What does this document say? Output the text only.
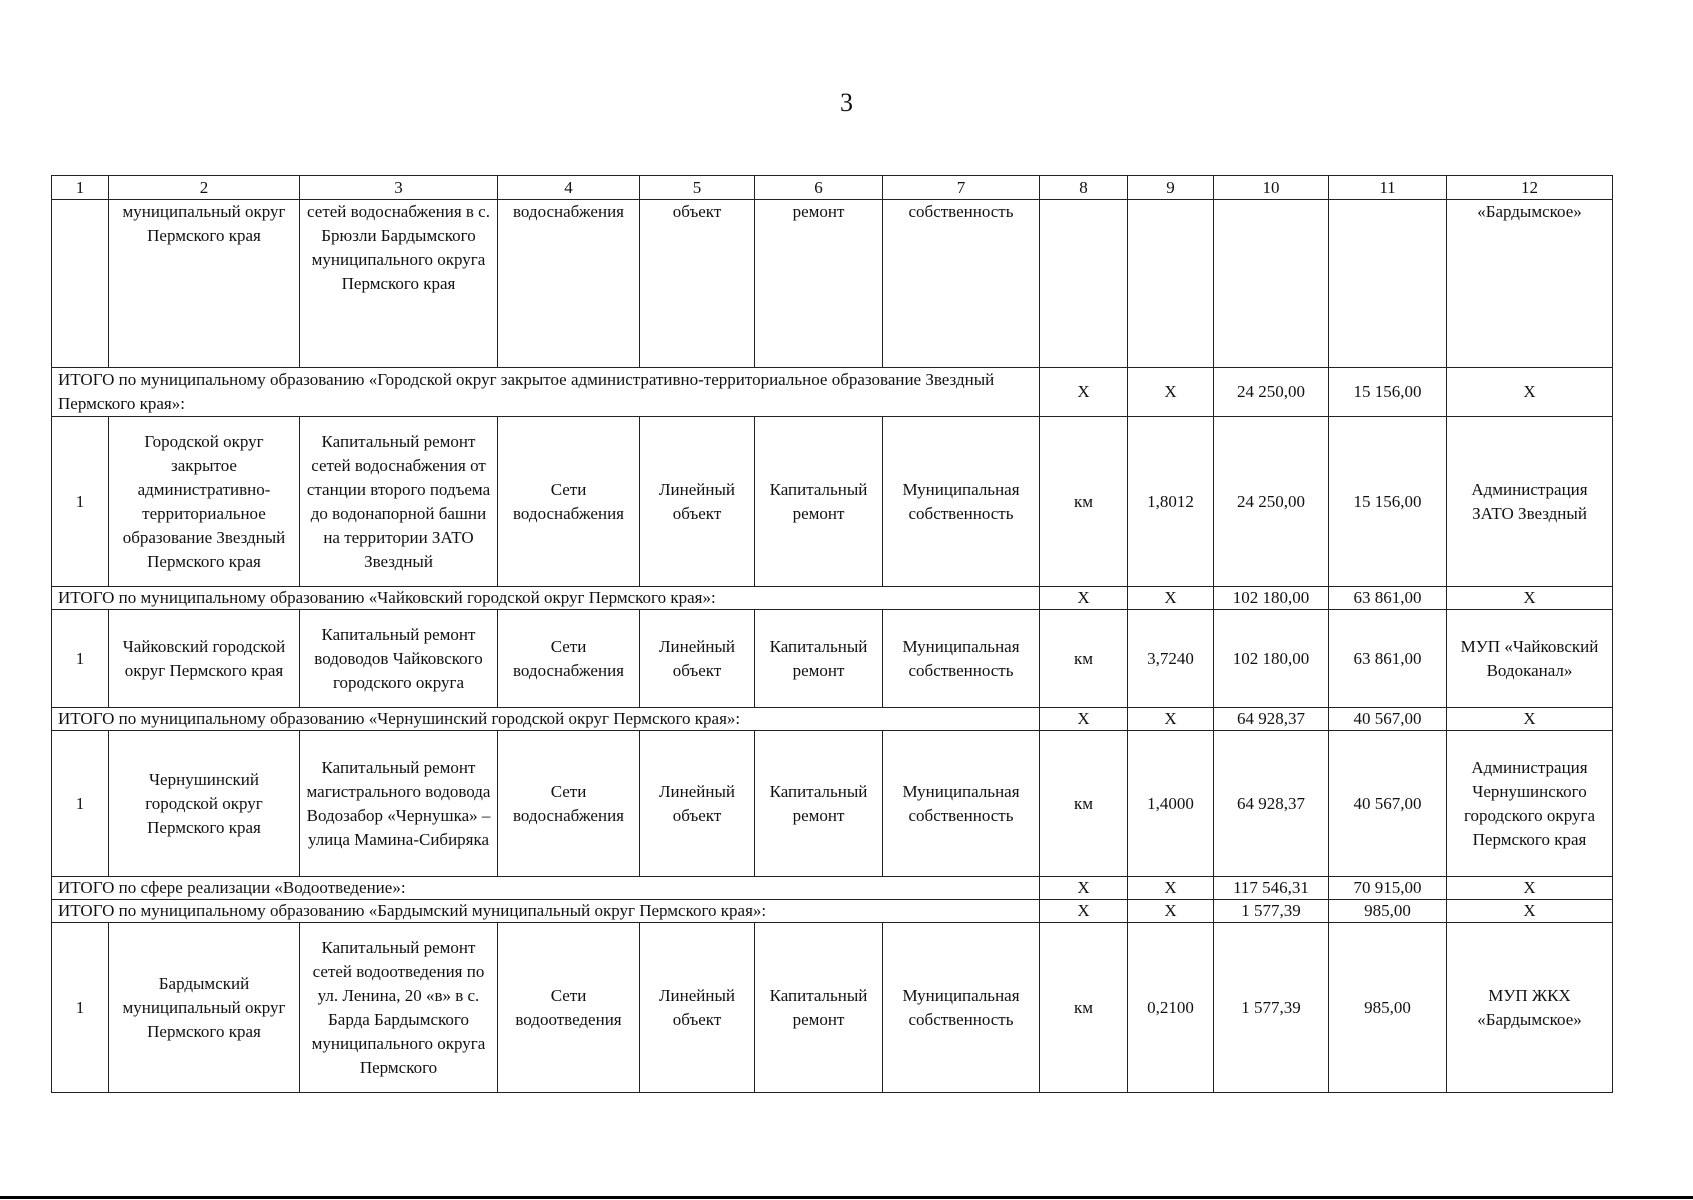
3
1	2	3	4	5	6	7	8	9	10	11	12
	муниципальный округ Пермского края	сетей водоснабжения в с. Брюзли Бардымского муниципального округа Пермского края	водоснабжения	объект	ремонт	собственность					«Бардымское»
ИТОГО по муниципальному образованию «Городской округ закрытое административно-территориальное образование Звездный Пермского края»:							Х	Х	24 250,00	15 156,00	Х
1	Городской округ закрытое административно-территориальное образование Звездный Пермского края	Капитальный ремонт сетей водоснабжения от станции второго подъема до водонапорной башни на территории ЗАТО Звездный	Сети водоснабжения	Линейный объект	Капитальный ремонт	Муниципальная собственность	км	1,8012	24 250,00	15 156,00	Администрация ЗАТО Звездный
ИТОГО по муниципальному образованию «Чайковский городской округ Пермского края»:							Х	Х	102 180,00	63 861,00	Х
1	Чайковский городской округ Пермского края	Капитальный ремонт водоводов Чайковского городского округа	Сети водоснабжения	Линейный объект	Капитальный ремонт	Муниципальная собственность	км	3,7240	102 180,00	63 861,00	МУП «Чайковский Водоканал»
ИТОГО по муниципальному образованию «Чернушинский городской округ Пермского края»:							Х	Х	64 928,37	40 567,00	Х
1	Чернушинский городской округ Пермского края	Капитальный ремонт магистрального водовода Водозабор «Чернушка» – улица Мамина-Сибиряка	Сети водоснабжения	Линейный объект	Капитальный ремонт	Муниципальная собственность	км	1,4000	64 928,37	40 567,00	Администрация Чернушинского городского округа Пермского края
ИТОГО по сфере реализации «Водоотведение»:							Х	Х	117 546,31	70 915,00	Х
ИТОГО по муниципальному образованию «Бардымский муниципальный округ Пермского края»:							Х	Х	1 577,39	985,00	Х
1	Бардымский муниципальный округ Пермского края	Капитальный ремонт сетей водоотведения по ул. Ленина, 20 «в» в с. Барда Бардымского муниципального округа Пермского	Сети водоотведения	Линейный объект	Капитальный ремонт	Муниципальная собственность	км	0,2100	1 577,39	985,00	МУП ЖКХ «Бардымское»
